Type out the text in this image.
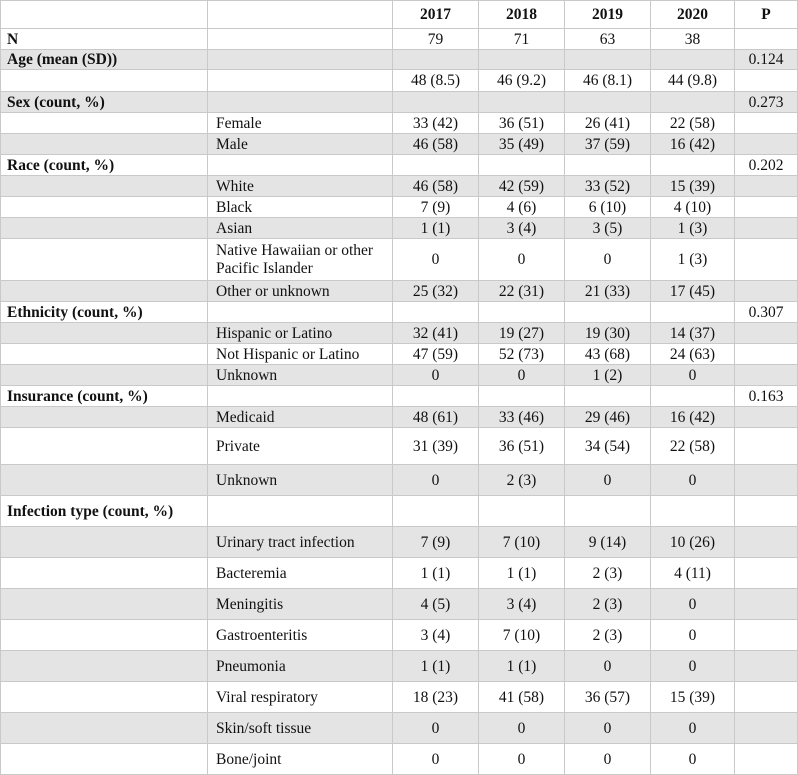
		2017	2018	2019	2020	P
N		79	71	63	38	
Age (mean (SD))						0.124
		48 (8.5)	46 (9.2)	46 (8.1)	44 (9.8)	
Sex (count, %)						0.273
	Female	33 (42)	36 (51)	26 (41)	22 (58)	
	Male	46 (58)	35 (49)	37 (59)	16 (42)	
Race (count, %)						0.202
	White	46 (58)	42 (59)	33 (52)	15 (39)	
	Black	7 (9)	4 (6)	6 (10)	4 (10)	
	Asian	1 (1)	3 (4)	3 (5)	1 (3)	
	Native Hawaiian or other Pacific Islander	0	0	0	1 (3)	
	Other or unknown	25 (32)	22 (31)	21 (33)	17 (45)	
Ethnicity (count, %)						0.307
	Hispanic or Latino	32 (41)	19 (27)	19 (30)	14 (37)	
	Not Hispanic or Latino	47 (59)	52 (73)	43 (68)	24 (63)	
	Unknown	0	0	1 (2)	0	
Insurance (count, %)						0.163
	Medicaid	48 (61)	33 (46)	29 (46)	16 (42)	
	Private	31 (39)	36 (51)	34 (54)	22 (58)	
	Unknown	0	2 (3)	0	0	
Infection type (count, %)						
	Urinary tract infection	7 (9)	7 (10)	9 (14)	10 (26)	
	Bacteremia	1 (1)	1 (1)	2 (3)	4 (11)	
	Meningitis	4 (5)	3 (4)	2 (3)	0	
	Gastroenteritis	3 (4)	7 (10)	2 (3)	0	
	Pneumonia	1 (1)	1 (1)	0	0	
	Viral respiratory	18 (23)	41 (58)	36 (57)	15 (39)	
	Skin/soft tissue	0	0	0	0	
	Bone/joint	0	0	0	0	
